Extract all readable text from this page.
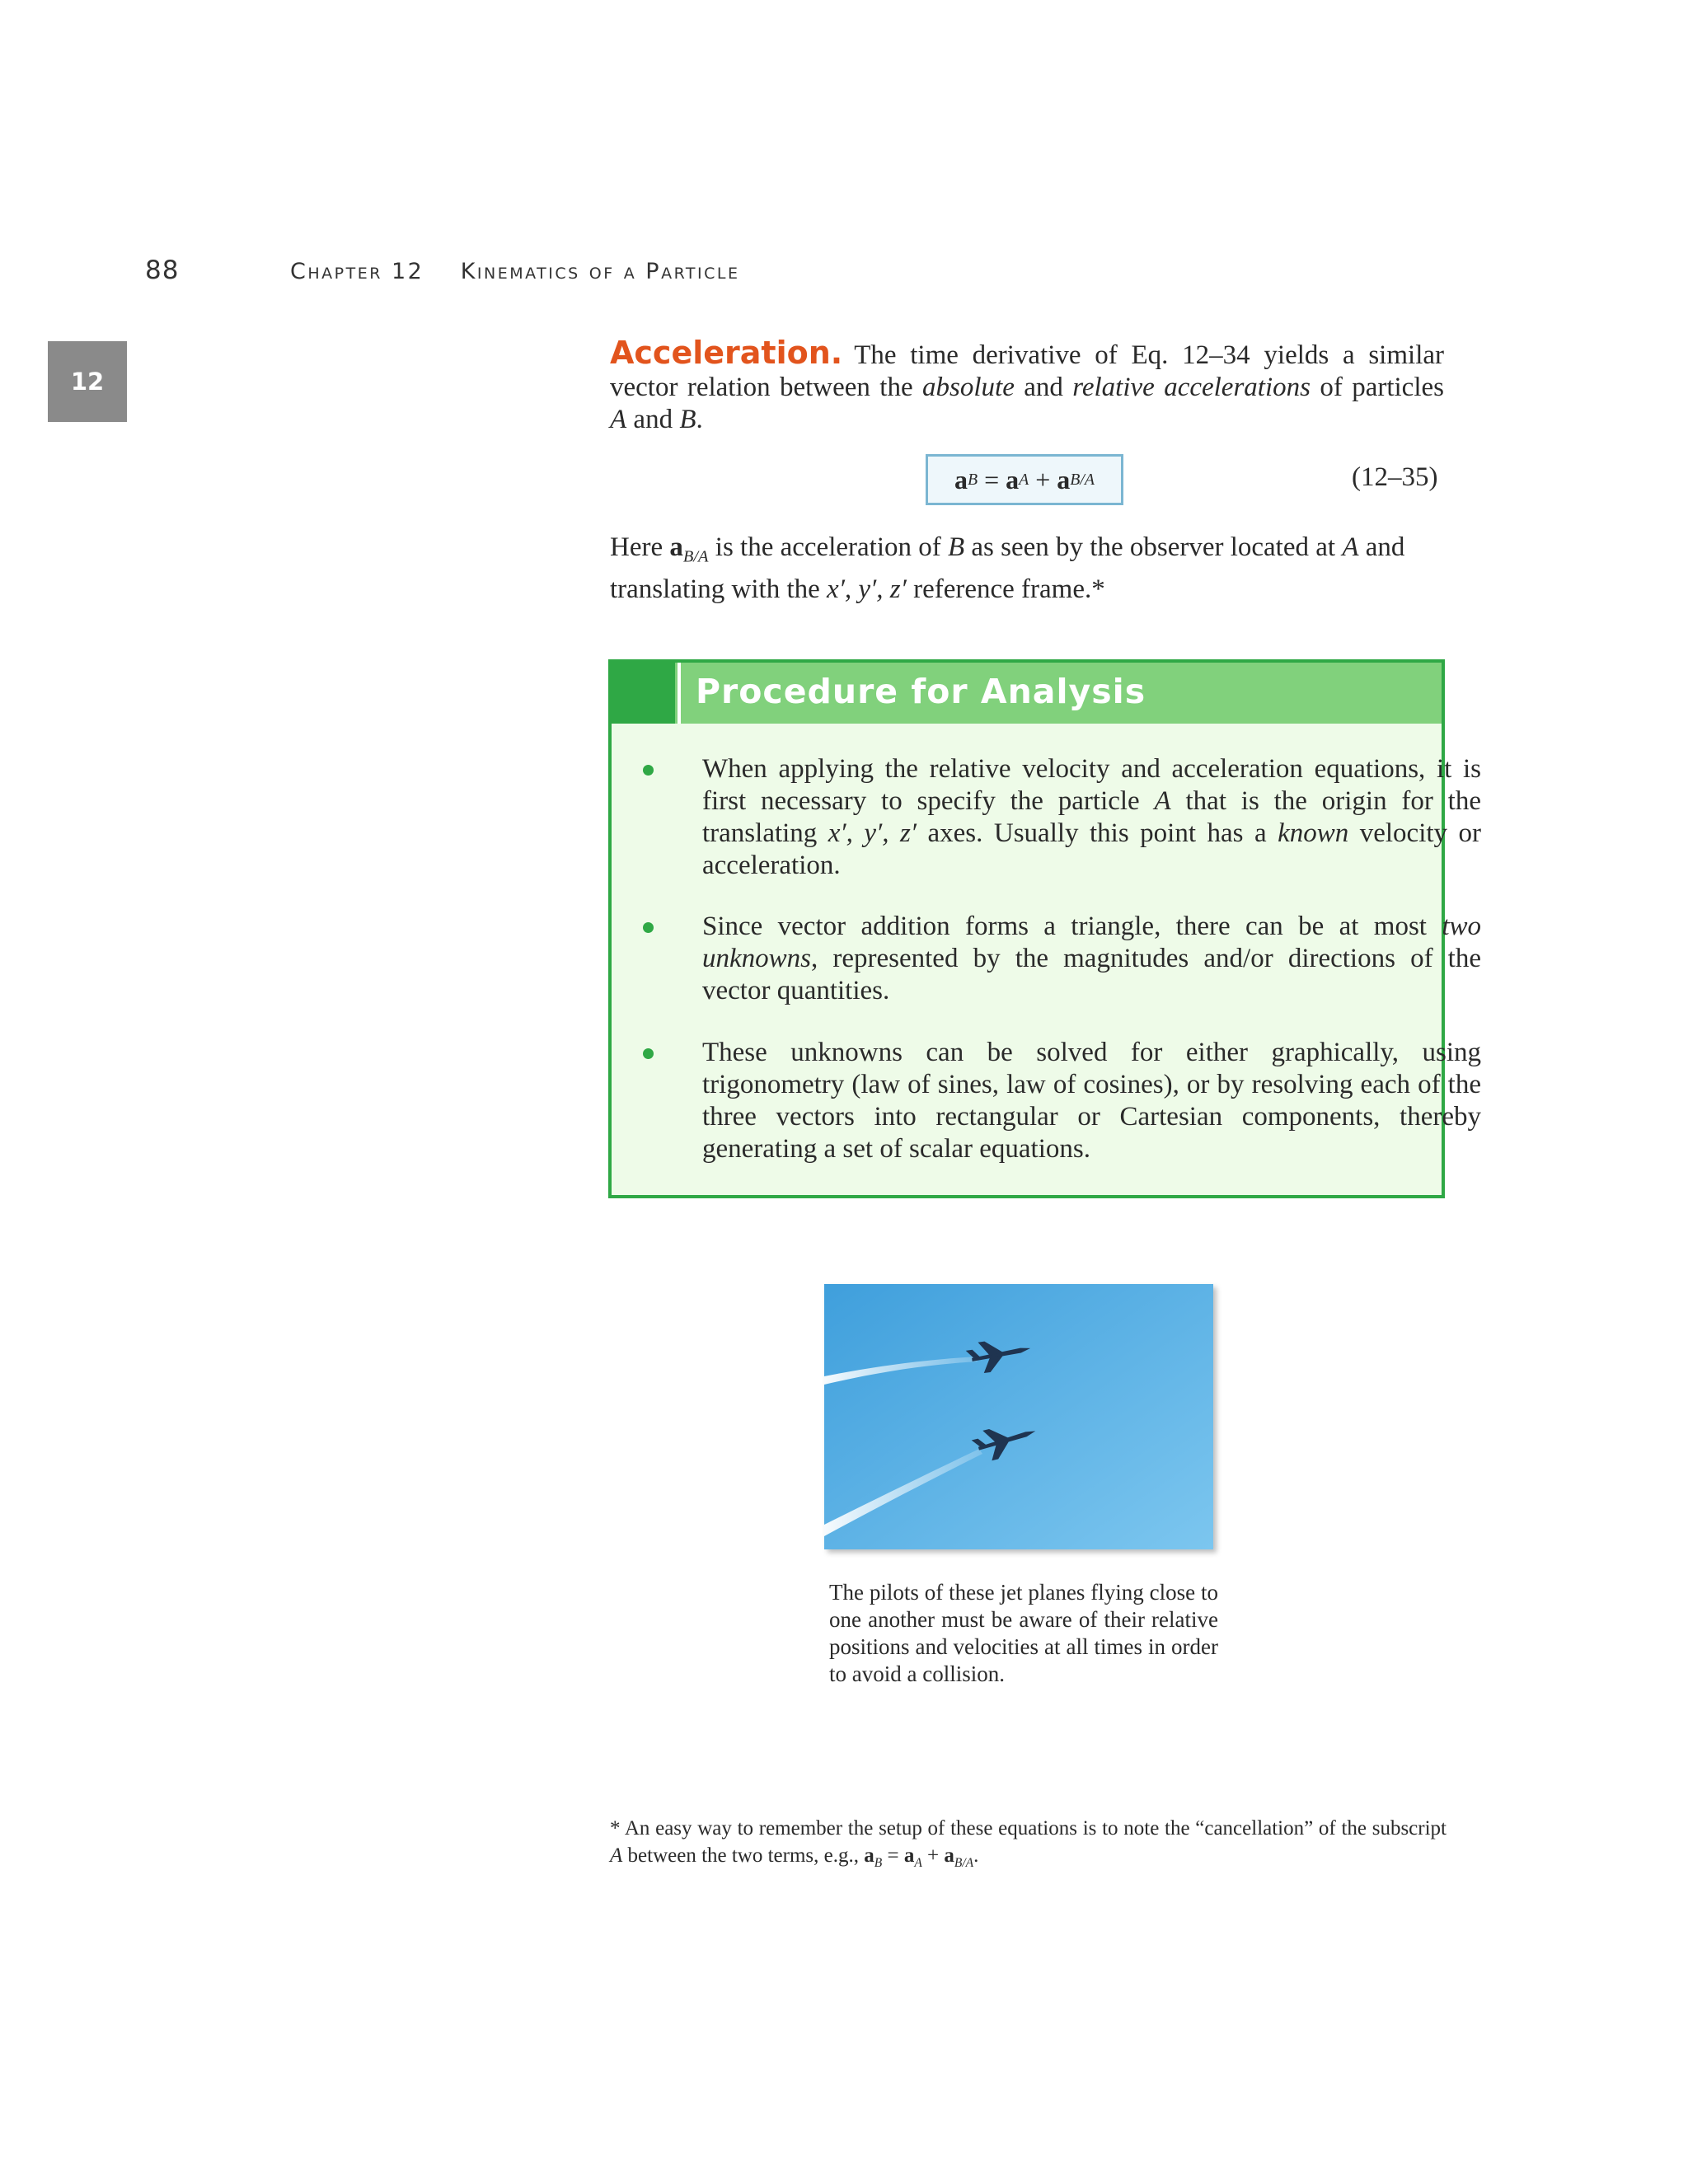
88	Chapter 12 Kinematics of a Particle
12
Acceleration. The time derivative of Eq. 12–34 yields a similar vector relation between the absolute and relative accelerations of particles A and B.
a B = a A + a B/A	(12–35)
Here $a_{B/A}$ is the acceleration of B as seen by the observer located at A and translating with the x′, y′, z′ reference frame.*
Procedure for Analysis
When applying the relative velocity and acceleration equations, it is first necessary to specify the particle A that is the origin for the translating x′, y′, z′ axes. Usually this point has a known velocity or acceleration.
Since vector addition forms a triangle, there can be at most two unknowns, represented by the magnitudes and/or directions of the vector quantities.
These unknowns can be solved for either graphically, using trigonometry (law of sines, law of cosines), or by resolving each of the three vectors into rectangular or Cartesian components, thereby generating a set of scalar equations.
The pilots of these jet planes flying close to one another must be aware of their relative positions and velocities at all times in order to avoid a collision.
* An easy way to remember the setup of these equations is to note the “cancellation” of the subscript A between the two terms, e.g., $a_B = a_A + a_{B/A}$.
